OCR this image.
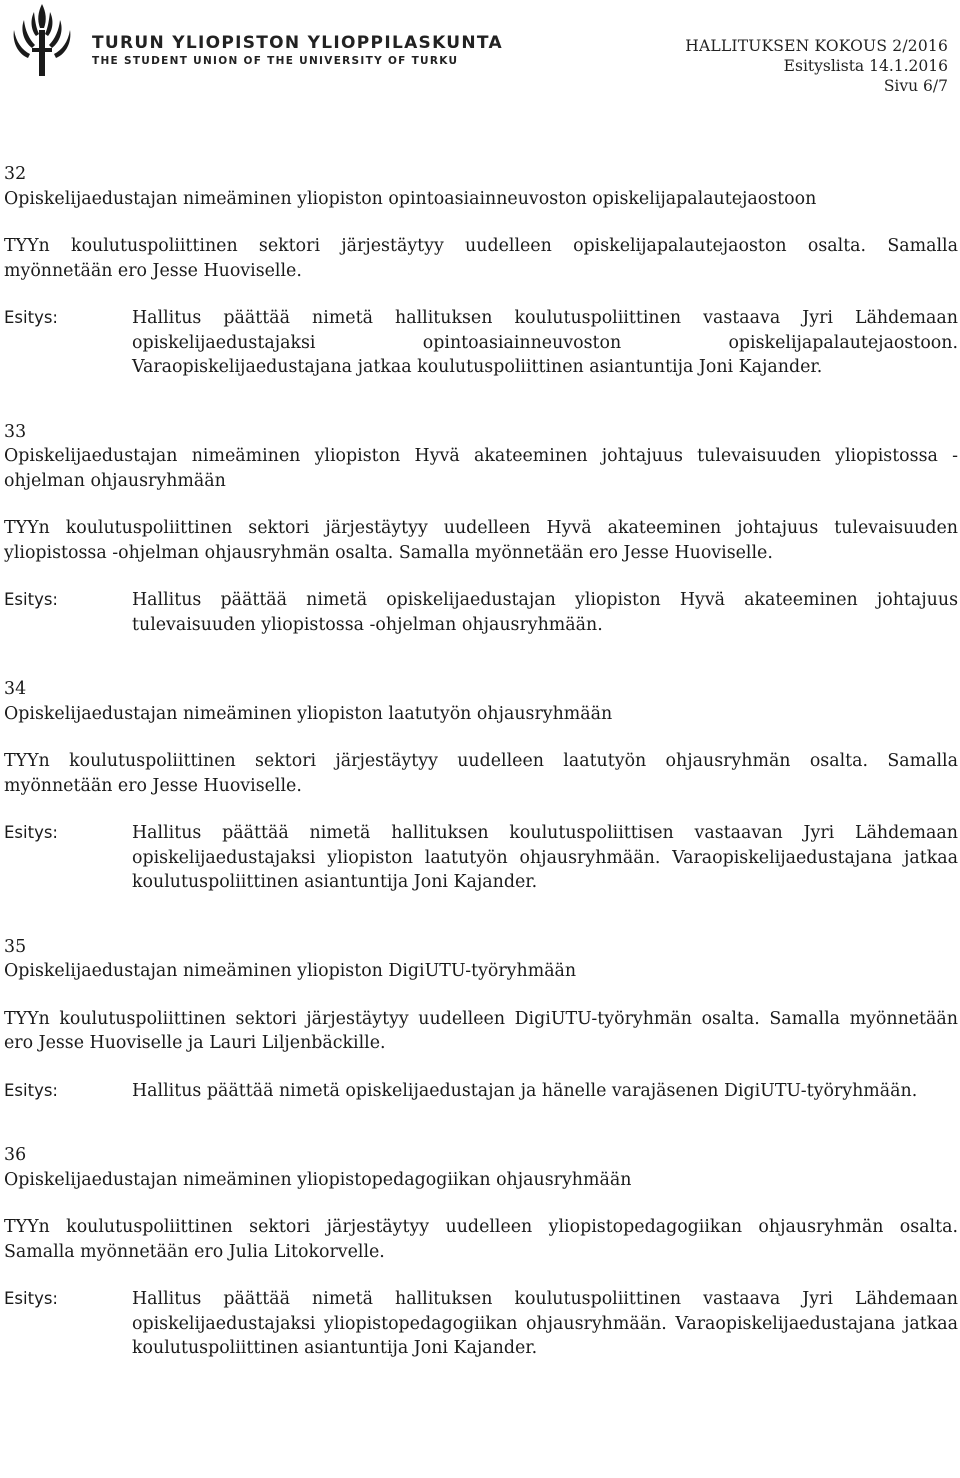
TURUN YLIOPISTON YLIOPPILASKUNTA
THE STUDENT UNION OF THE UNIVERSITY OF TURKU
HALLITUKSEN KOKOUS 2/2016
Esityslista 14.1.2016
Sivu 6/7
32
Opiskelijaedustajan nimeäminen yliopiston opintoasiainneuvoston opiskelijapalautejaostoon
TYYn koulutuspoliittinen sektori järjestäytyy uudelleen opiskelijapalautejaoston osalta. Samalla myönnetään ero Jesse Huoviselle.
Esitys:	Hallitus päättää nimetä hallituksen koulutuspoliittinen vastaava Jyri Lähdemaan opiskelijaedustajaksi opintoasiainneuvoston opiskelijapalautejaostoon. Varaopiskelijaedustajana jatkaa koulutuspoliittinen asiantuntija Joni Kajander.
33
Opiskelijaedustajan nimeäminen yliopiston Hyvä akateeminen johtajuus tulevaisuuden yliopistossa -ohjelman ohjausryhmään
TYYn koulutuspoliittinen sektori järjestäytyy uudelleen Hyvä akateeminen johtajuus tulevaisuuden yliopistossa -ohjelman ohjausryhmän osalta. Samalla myönnetään ero Jesse Huoviselle.
Esitys:	Hallitus päättää nimetä opiskelijaedustajan yliopiston Hyvä akateeminen johtajuus tulevaisuuden yliopistossa -ohjelman ohjausryhmään.
34
Opiskelijaedustajan nimeäminen yliopiston laatutyön ohjausryhmään
TYYn koulutuspoliittinen sektori järjestäytyy uudelleen laatutyön ohjausryhmän osalta. Samalla myönnetään ero Jesse Huoviselle.
Esitys:	Hallitus päättää nimetä hallituksen koulutuspoliittisen vastaavan Jyri Lähdemaan opiskelijaedustajaksi yliopiston laatutyön ohjausryhmään. Varaopiskelijaedustajana jatkaa koulutuspoliittinen asiantuntija Joni Kajander.
35
Opiskelijaedustajan nimeäminen yliopiston DigiUTU-työryhmään
TYYn koulutuspoliittinen sektori järjestäytyy uudelleen DigiUTU-työryhmän osalta. Samalla myönnetään ero Jesse Huoviselle ja Lauri Liljenbäckille.
Esitys:	Hallitus päättää nimetä opiskelijaedustajan ja hänelle varajäsenen DigiUTU-työryhmään.
36
Opiskelijaedustajan nimeäminen yliopistopedagogiikan ohjausryhmään
TYYn koulutuspoliittinen sektori järjestäytyy uudelleen yliopistopedagogiikan ohjausryhmän osalta. Samalla myönnetään ero Julia Litokorvelle.
Esitys:	Hallitus päättää nimetä hallituksen koulutuspoliittinen vastaava Jyri Lähdemaan opiskelijaedustajaksi yliopistopedagogiikan ohjausryhmään. Varaopiskelijaedustajana jatkaa koulutuspoliittinen asiantuntija Joni Kajander.
